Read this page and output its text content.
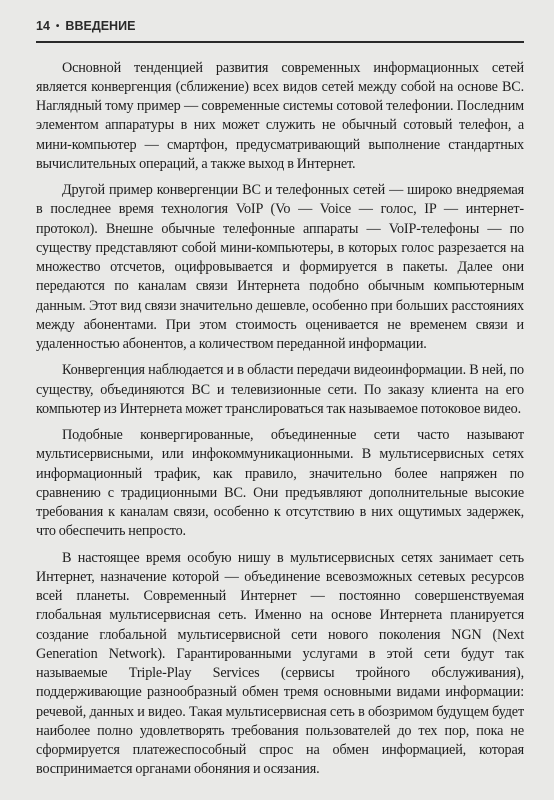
14 • ВВЕДЕНИЕ

Основной тенденцией развития современных информационных сетей является конвергенция (сближение) всех видов сетей между собой на основе ВС. Наглядный тому пример — современные системы сотовой телефонии. Последним элементом аппаратуры в них может служить не обычный сотовый телефон, а мини-компьютер — смартфон, предусматривающий выполнение стандартных вычислительных операций, а также выход в Интернет.

Другой пример конвергенции ВС и телефонных сетей — широко внедряемая в последнее время технология VoIP (Vo — Voice — голос, IP — интернет-протокол). Внешне обычные телефонные аппараты — VoIP-телефоны — по существу представляют собой мини-компьютеры, в которых голос разрезается на множество отсчетов, оцифровывается и формируется в пакеты. Далее они передаются по каналам связи Интернета подобно обычным компьютерным данным. Этот вид связи значительно дешевле, особенно при больших расстояниях между абонентами. При этом стоимость оценивается не временем связи и удаленностью абонентов, а количеством переданной информации.

Конвергенция наблюдается и в области передачи видеоинформации. В ней, по существу, объединяются ВС и телевизионные сети. По заказу клиента на его компьютер из Интернета может транслироваться так называемое потоковое видео.

Подобные конвергированные, объединенные сети часто называют мультисервисными, или инфокоммуникационными. В мультисервисных сетях информационный трафик, как правило, значительно более напряжен по сравнению с традиционными ВС. Они предъявляют дополнительные высокие требования к каналам связи, особенно к отсутствию в них ощутимых задержек, что обеспечить непросто.

В настоящее время особую нишу в мультисервисных сетях занимает сеть Интернет, назначение которой — объединение всевозможных сетевых ресурсов всей планеты. Современный Интернет — постоянно совершенствуемая глобальная мультисервисная сеть. Именно на основе Интернета планируется создание глобальной мультисервисной сети нового поколения NGN (Next Generation Network). Гарантированными услугами в этой сети будут так называемые Triple-Play Services (сервисы тройного обслуживания), поддерживающие разнообразный обмен тремя основными видами информации: речевой, данных и видео. Такая мультисервисная сеть в обозримом будущем будет наиболее полно удовлетворять требования пользователей до тех пор, пока не сформируется платежеспособный спрос на обмен информацией, которая воспринимается органами обоняния и осязания.
